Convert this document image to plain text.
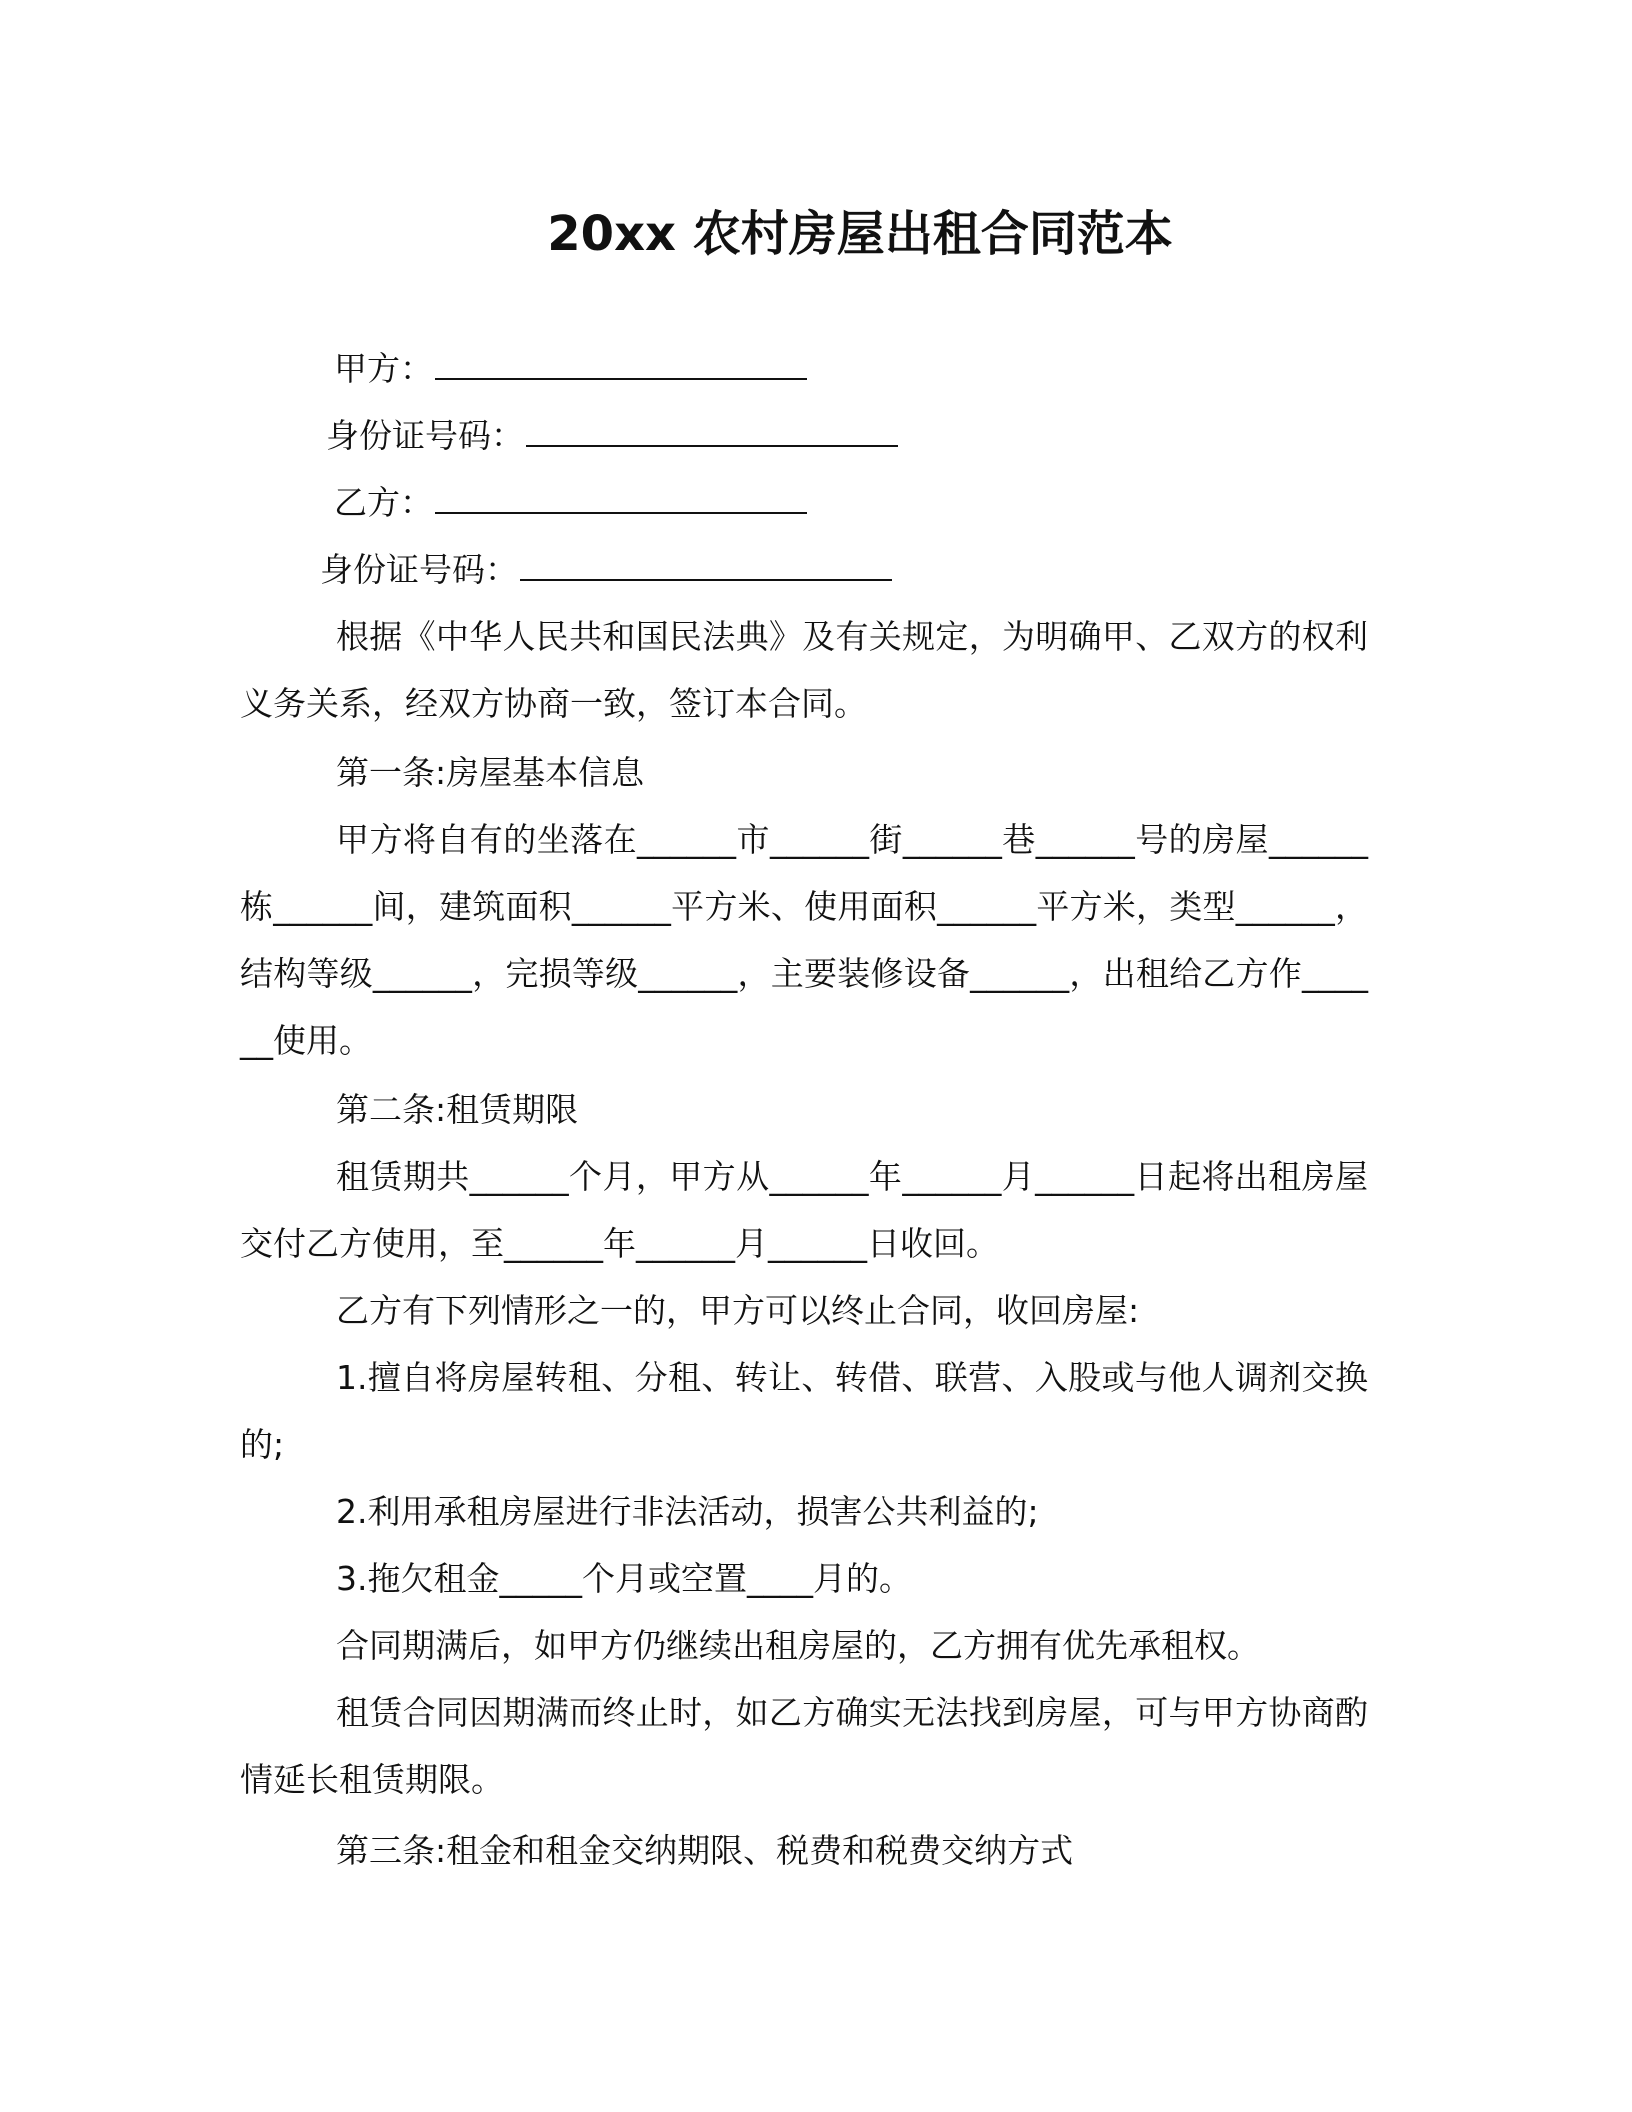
20xx 农村房屋出租合同范本
甲方：
身份证号码：
乙方：
身份证号码：
根据《中华人民共和国民法典》及有关规定，为明确甲、乙双方的权利义务关系，经双方协商一致，签订本合同。
第一条:房屋基本信息
甲方将自有的坐落在______市______街______巷______号的房屋______栋______间，建筑面积______平方米、使用面积______平方米，类型______，结构等级______，完损等级______，主要装修设备______，出租给乙方作______使用。
第二条:租赁期限
租赁期共______个月，甲方从______年______月______日起将出租房屋交付乙方使用，至______年______月______日收回。
乙方有下列情形之一的，甲方可以终止合同，收回房屋:
1.擅自将房屋转租、分租、转让、转借、联营、入股或与他人调剂交换的;
2.利用承租房屋进行非法活动，损害公共利益的;
3.拖欠租金_____个月或空置____月的。
合同期满后，如甲方仍继续出租房屋的，乙方拥有优先承租权。
租赁合同因期满而终止时，如乙方确实无法找到房屋，可与甲方协商酌情延长租赁期限。
第三条:租金和租金交纳期限、税费和税费交纳方式
